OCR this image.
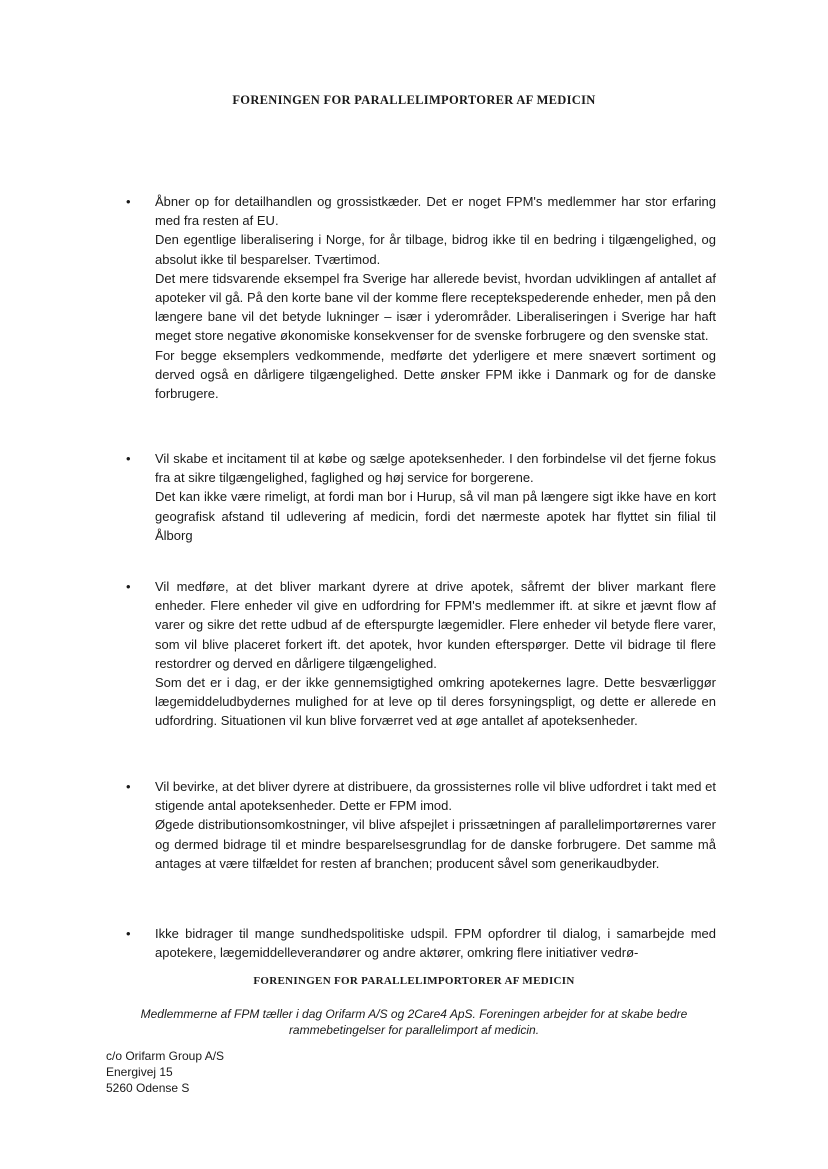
FORENINGEN FOR PARALLELIMPORTORER AF MEDICIN
• Åbner op for detailhandlen og grossistkæder. Det er noget FPM's medlemmer har stor erfaring med fra resten af EU.

Den egentlige liberalisering i Norge, for år tilbage, bidrog ikke til en bedring i tilgængelighed, og absolut ikke til besparelser. Tværtimod.

Det mere tidsvarende eksempel fra Sverige har allerede bevist, hvordan udviklingen af antallet af apoteker vil gå. På den korte bane vil der komme flere receptekspederende enheder, men på den længere bane vil det betyde lukninger – især i yderområder. Liberaliseringen i Sverige har haft meget store negative økonomiske konsekvenser for de svenske forbrugere og den svenske stat.

For begge eksemplers vedkommende, medførte det yderligere et mere snævert sortiment og derved også en dårligere tilgængelighed. Dette ønsker FPM ikke i Danmark og for de danske forbrugere.

• Vil skabe et incitament til at købe og sælge apoteksenheder. I den forbindelse vil det fjerne fokus fra at sikre tilgængelighed, faglighed og høj service for borgerene.

Det kan ikke være rimeligt, at fordi man bor i Hurup, så vil man på længere sigt ikke have en kort geografisk afstand til udlevering af medicin, fordi det nærmeste apotek har flyttet sin filial til Ålborg

• Vil medføre, at det bliver markant dyrere at drive apotek, såfremt der bliver markant flere enheder. Flere enheder vil give en udfordring for FPM's medlemmer ift. at sikre et jævnt flow af varer og sikre det rette udbud af de efterspurgte lægemidler. Flere enheder vil betyde flere varer, som vil blive placeret forkert ift. det apotek, hvor kunden efterspørger. Dette vil bidrage til flere restordrer og derved en dårligere tilgængelighed.

Som det er i dag, er der ikke gennemsigtighed omkring apotekernes lagre. Dette besværliggør lægemiddeludbydernes mulighed for at leve op til deres forsyningspligt, og dette er allerede en udfordring. Situationen vil kun blive forværret ved at øge antallet af apoteksenheder.

• Vil bevirke, at det bliver dyrere at distribuere, da grossisternes rolle vil blive udfordret i takt med et stigende antal apoteksenheder. Dette er FPM imod.

Øgede distributionsomkostninger, vil blive afspejlet i prissætningen af parallelimportørernes varer og dermed bidrage til et mindre besparelsesgrundlag for de danske forbrugere. Det samme må antages at være tilfældet for resten af branchen; producent såvel som generikaudbyder.

• Ikke bidrager til mange sundhedspolitiske udspil. FPM opfordrer til dialog, i samarbejde med apotekere, lægemiddelleverandører og andre aktører, omkring flere initiativer vedrø-

FORENINGEN FOR PARALLELIMPORTORER AF MEDICIN
Medlemmerne af FPM tæller i dag Orifarm A/S og 2Care4 ApS. Foreningen arbejder for at skabe bedre rammebetingelser for parallelimport af medicin.
c/o Orifarm Group A/S
Energivej 15
5260 Odense S
